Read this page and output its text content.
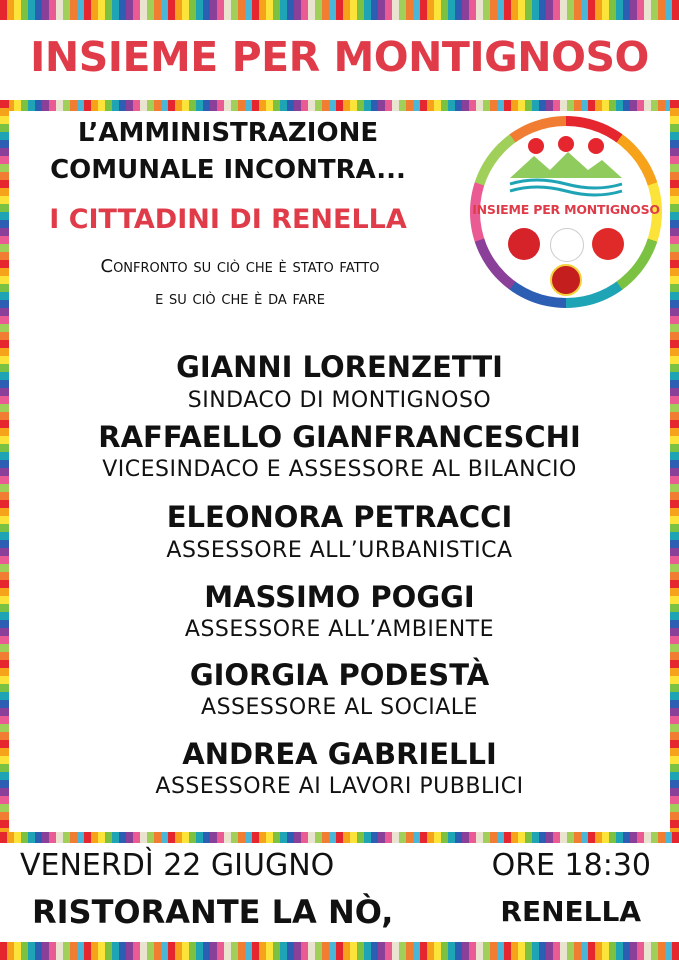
INSIEME PER MONTIGNOSO
L’AMMINISTRAZIONE
COMUNALE INCONTRA...
I CITTADINI DI RENELLA
Confronto su ciò che è stato fatto
e su ciò che è da fare
INSIEME PER MONTIGNOSO
GIANNI LORENZETTI
SINDACO DI MONTIGNOSO
RAFFAELLO GIANFRANCESCHI
VICESINDACO E ASSESSORE AL BILANCIO
ELEONORA PETRACCI
ASSESSORE ALL’URBANISTICA
MASSIMO POGGI
ASSESSORE ALL’AMBIENTE
GIORGIA PODESTÀ
ASSESSORE AL SOCIALE
ANDREA GABRIELLI
ASSESSORE AI LAVORI PUBBLICI
VENERDÌ 22 GIUGNO	ORE 18:30
RISTORANTE LA NÒ,	RENELLA
